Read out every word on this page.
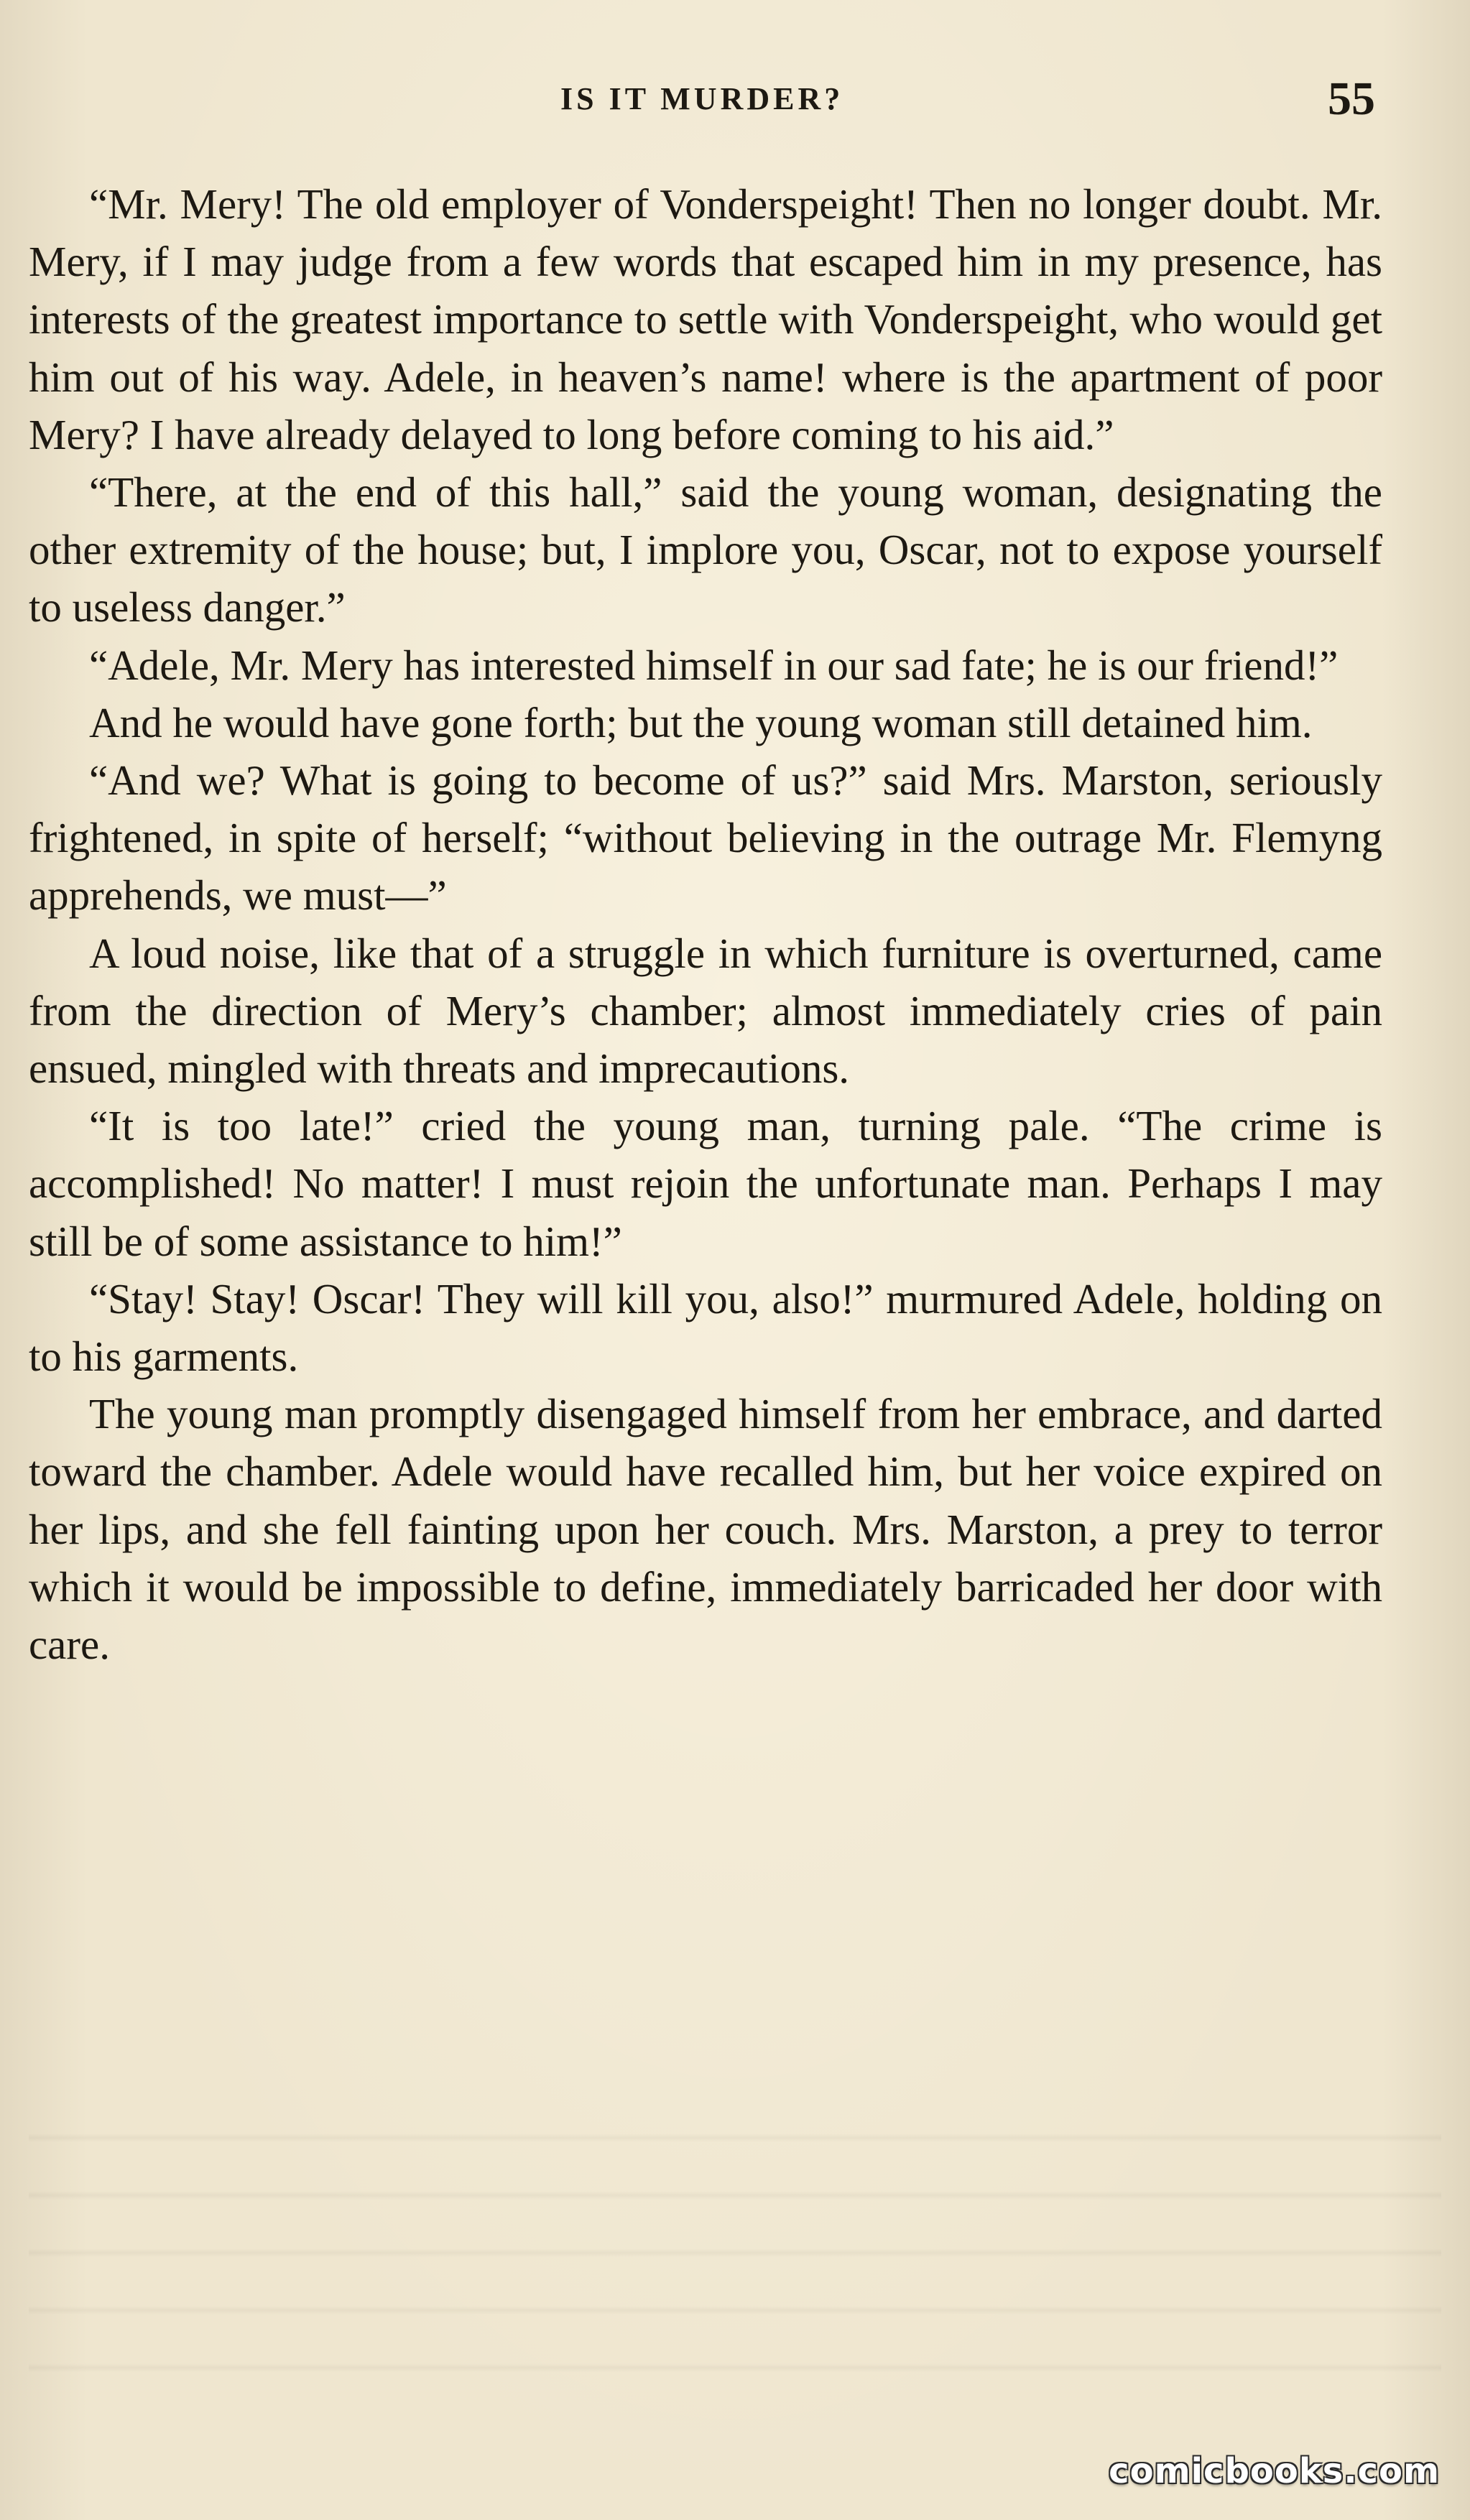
IS IT MURDER?	55

“Mr. Mery! The old employer of Vonderspeight! Then no longer doubt. Mr. Mery, if I may judge from a few words that escaped him in my presence, has interests of the greatest importance to settle with Vonderspeight, who would get him out of his way. Adele, in heaven’s name! where is the apartment of poor Mery? I have already delayed to long before coming to his aid.”

“There, at the end of this hall,” said the young woman, designating the other extremity of the house; but, I implore you, Oscar, not to expose yourself to useless danger.”

“Adele, Mr. Mery has interested himself in our sad fate; he is our friend!”

And he would have gone forth; but the young woman still detained him.

“And we? What is going to become of us?” said Mrs. Marston, seriously frightened, in spite of herself; “without believing in the outrage Mr. Flemyng apprehends, we must—”

A loud noise, like that of a struggle in which furniture is overturned, came from the direction of Mery’s chamber; almost immediately cries of pain ensued, mingled with threats and imprecautions.

“It is too late!” cried the young man, turning pale. “The crime is accomplished! No matter! I must rejoin the unfortunate man. Perhaps I may still be of some assistance to him!”

“Stay! Stay! Oscar! They will kill you, also!” murmured Adele, holding on to his garments.

The young man promptly disengaged himself from her embrace, and darted toward the chamber. Adele would have recalled him, but her voice expired on her lips, and she fell fainting upon her couch. Mrs. Marston, a prey to terror which it would be impossible to define, immediately barricaded her door with care.

comicbooks.com
